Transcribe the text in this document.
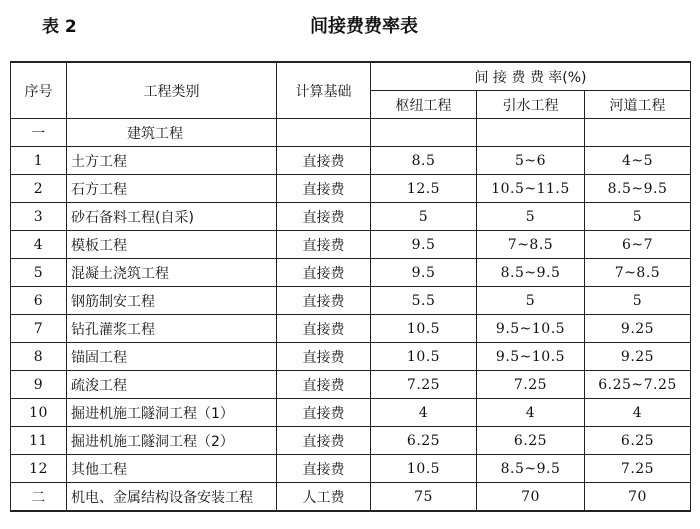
表 2	间接费费率表
序号	工程类别	计算基础	间 接 费 费 率(%)		
			枢纽工程	引水工程	河道工程
一	建筑工程				
1	土方工程	直接费	8.5	5~6	4~5
2	石方工程	直接费	12.5	10.5~11.5	8.5~9.5
3	砂石备料工程(自采)	直接费	5	5	5
4	模板工程	直接费	9.5	7~8.5	6~7
5	混凝土浇筑工程	直接费	9.5	8.5~9.5	7~8.5
6	钢筋制安工程	直接费	5.5	5	5
7	钻孔灌浆工程	直接费	10.5	9.5~10.5	9.25
8	锚固工程	直接费	10.5	9.5~10.5	9.25
9	疏浚工程	直接费	7.25	7.25	6.25~7.25
10	掘进机施工隧洞工程（1）	直接费	4	4	4
11	掘进机施工隧洞工程（2）	直接费	6.25	6.25	6.25
12	其他工程	直接费	10.5	8.5~9.5	7.25
二	机电、金属结构设备安装工程	人工费	75	70	70
